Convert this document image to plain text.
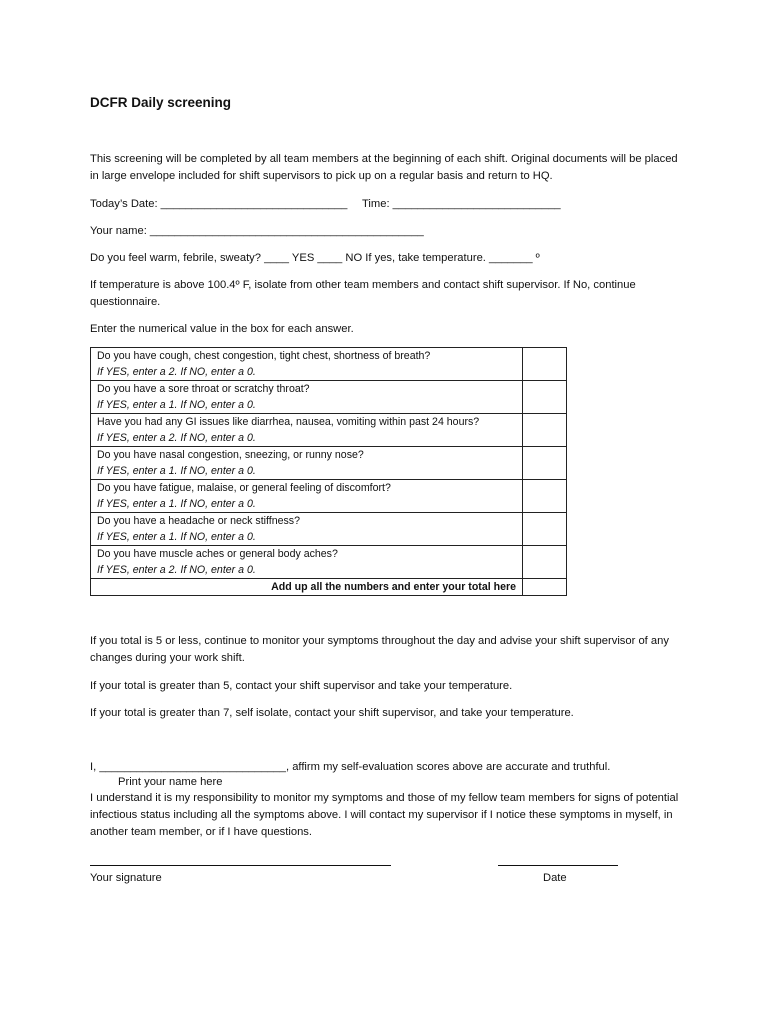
DCFR Daily screening
This screening will be completed by all team members at the beginning of each shift. Original documents will be placed in large envelope included for shift supervisors to pick up on a regular basis and return to HQ.
Today’s Date: ______________________________ Time: ___________________________
Your name: ____________________________________________
Do you feel warm, febrile, sweaty? ____ YES ____ NO If yes, take temperature. _______ º
If temperature is above 100.4º F, isolate from other team members and contact shift supervisor. If No, continue questionnaire.
Enter the numerical value in the box for each answer.
Do you have cough, chest congestion, tight chest, shortness of breath?
If YES, enter a 2. If NO, enter a 0.	

Do you have a sore throat or scratchy throat?
If YES, enter a 1. If NO, enter a 0.	

Have you had any GI issues like diarrhea, nausea, vomiting within past 24 hours?
If YES, enter a 2. If NO, enter a 0.	

Do you have nasal congestion, sneezing, or runny nose?
If YES, enter a 1. If NO, enter a 0.	

Do you have fatigue, malaise, or general feeling of discomfort?
If YES, enter a 1. If NO, enter a 0.	

Do you have a headache or neck stiffness?
If YES, enter a 1. If NO, enter a 0.	

Do you have muscle aches or general body aches?
If YES, enter a 2. If NO, enter a 0.	

Add up all the numbers and enter your total here	
If you total is 5 or less, continue to monitor your symptoms throughout the day and advise your shift supervisor of any changes during your work shift.
If your total is greater than 5, contact your shift supervisor and take your temperature.
If your total is greater than 7, self isolate, contact your shift supervisor, and take your temperature.
I, ______________________________, affirm my self-evaluation scores above are accurate and truthful.
Print your name here
I understand it is my responsibility to monitor my symptoms and those of my fellow team members for signs of potential infectious status including all the symptoms above. I will contact my supervisor if I notice these symptoms in myself, in another team member, or if I have questions.
Your signature	Date
